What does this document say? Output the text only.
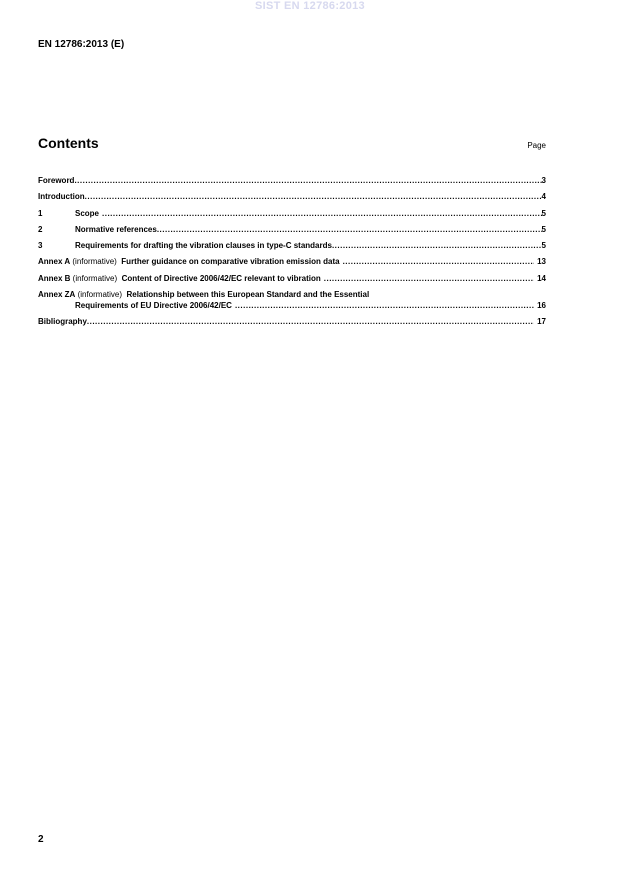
SIST EN 12786:2013
EN 12786:2013 (E)
Contents	Page
Foreword .....	3
Introduction .....	4
1	Scope .....	5
2	Normative references .....	5
3	Requirements for drafting the vibration clauses in type-C standards .....	5
Annex A (informative) Further guidance on comparative vibration emission data .....	13
Annex B (informative) Content of Directive 2006/42/EC relevant to vibration .....	14
Annex ZA (informative) Relationship between this European Standard and the Essential
Requirements of EU Directive 2006/42/EC .....	16
Bibliography .....	17
2
